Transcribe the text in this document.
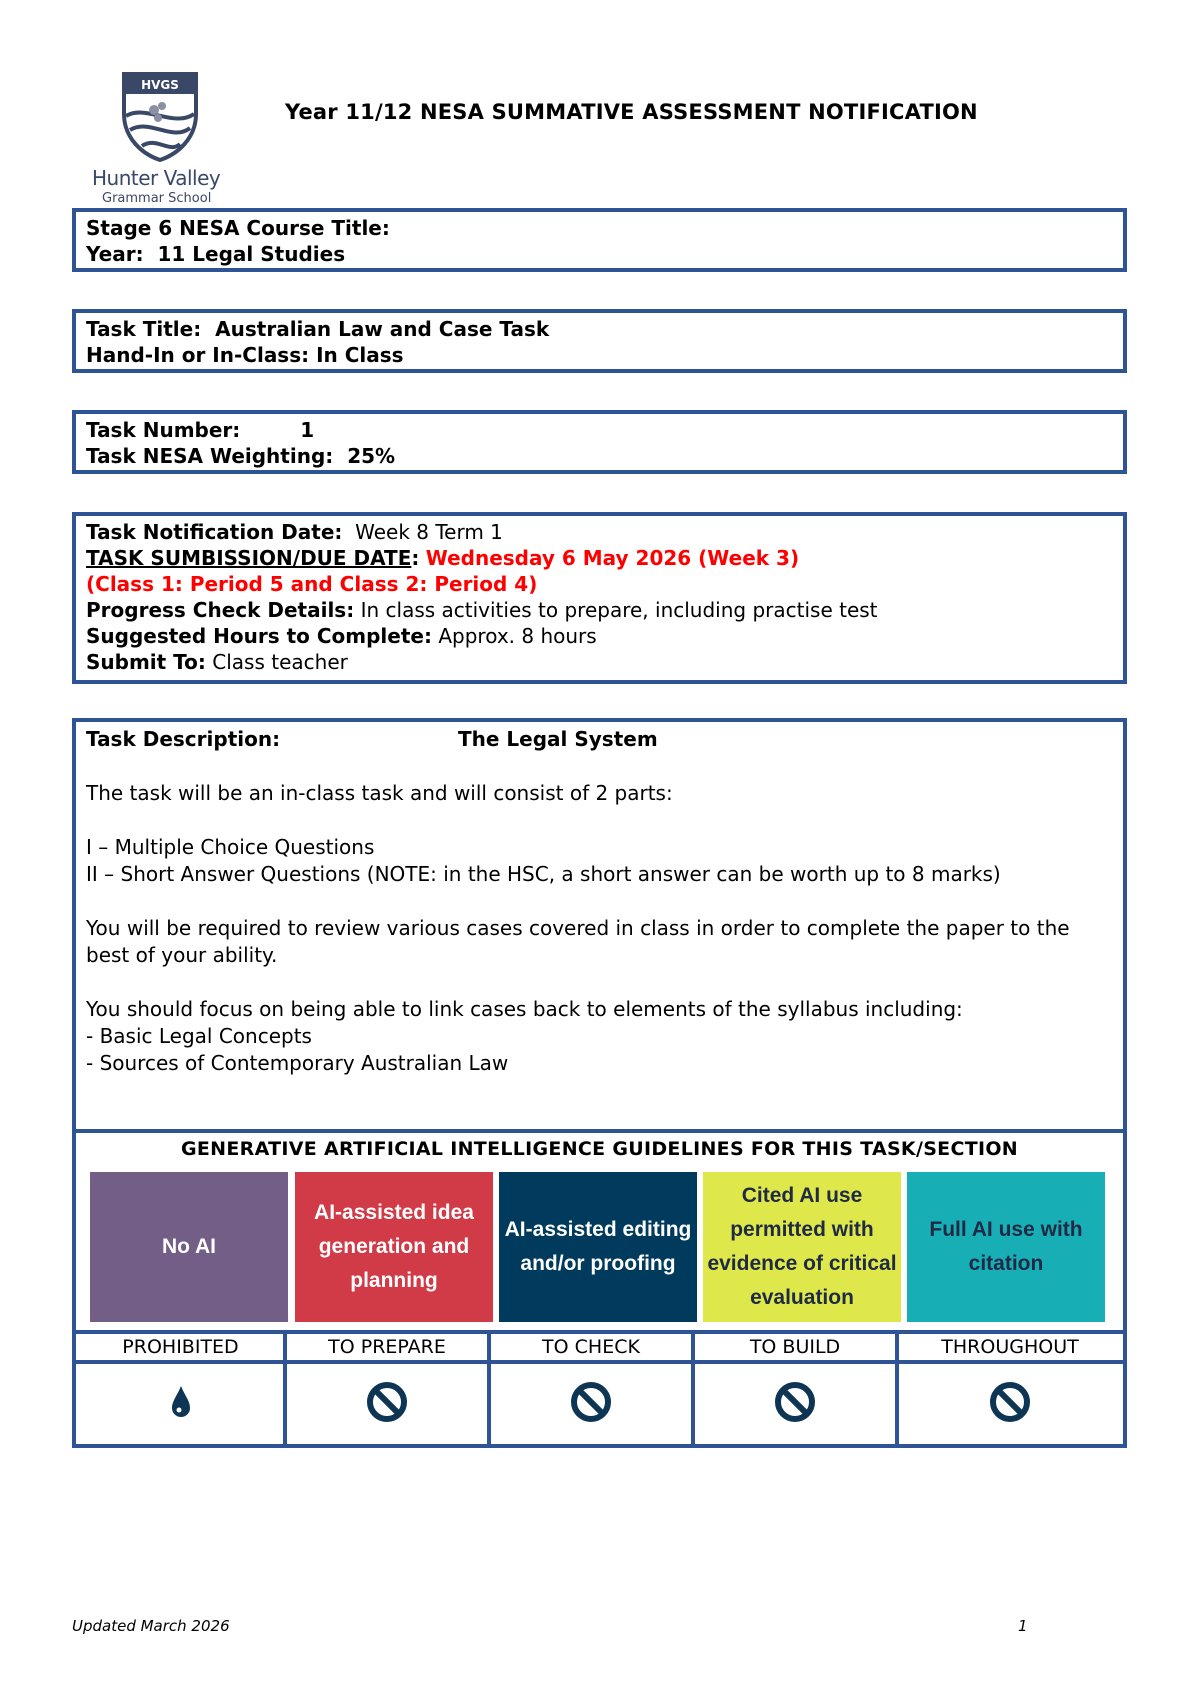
HVGS
Hunter Valley
Grammar School
Year 11/12 NESA SUMMATIVE ASSESSMENT NOTIFICATION
Stage 6 NESA Course Title:
Year: 11 Legal Studies
Task Title: Australian Law and Case Task
Hand-In or In-Class: In Class
Task Number:	1
Task NESA Weighting: 25%
Task Notification Date: Week 8 Term 1
TASK SUMBISSION/DUE DATE: Wednesday 6 May 2026 (Week 3)
(Class 1: Period 5 and Class 2: Period 4)
Progress Check Details: In class activities to prepare, including practise test
Suggested Hours to Complete: Approx. 8 hours
Submit To: Class teacher

Task Description:	The Legal System

The task will be an in-class task and will consist of 2 parts:

I – Multiple Choice Questions

II – Short Answer Questions (NOTE: in the HSC, a short answer can be worth up to 8 marks)

You will be required to review various cases covered in class in order to complete the paper to the best of your ability.

You should focus on being able to link cases back to elements of the syllabus including:

- Basic Legal Concepts

- Sources of Contemporary Australian Law

GENERATIVE ARTIFICIAL INTELLIGENCE GUIDELINES FOR THIS TASK/SECTION
No AI
AI-assisted idea generation and planning
AI-assisted editing and/or proofing
Cited AI use permitted with evidence of critical evaluation
Full AI use with citation
PROHIBITED	TO PREPARE	TO CHECK	TO BUILD	THROUGHOUT
Updated March 2026	1
